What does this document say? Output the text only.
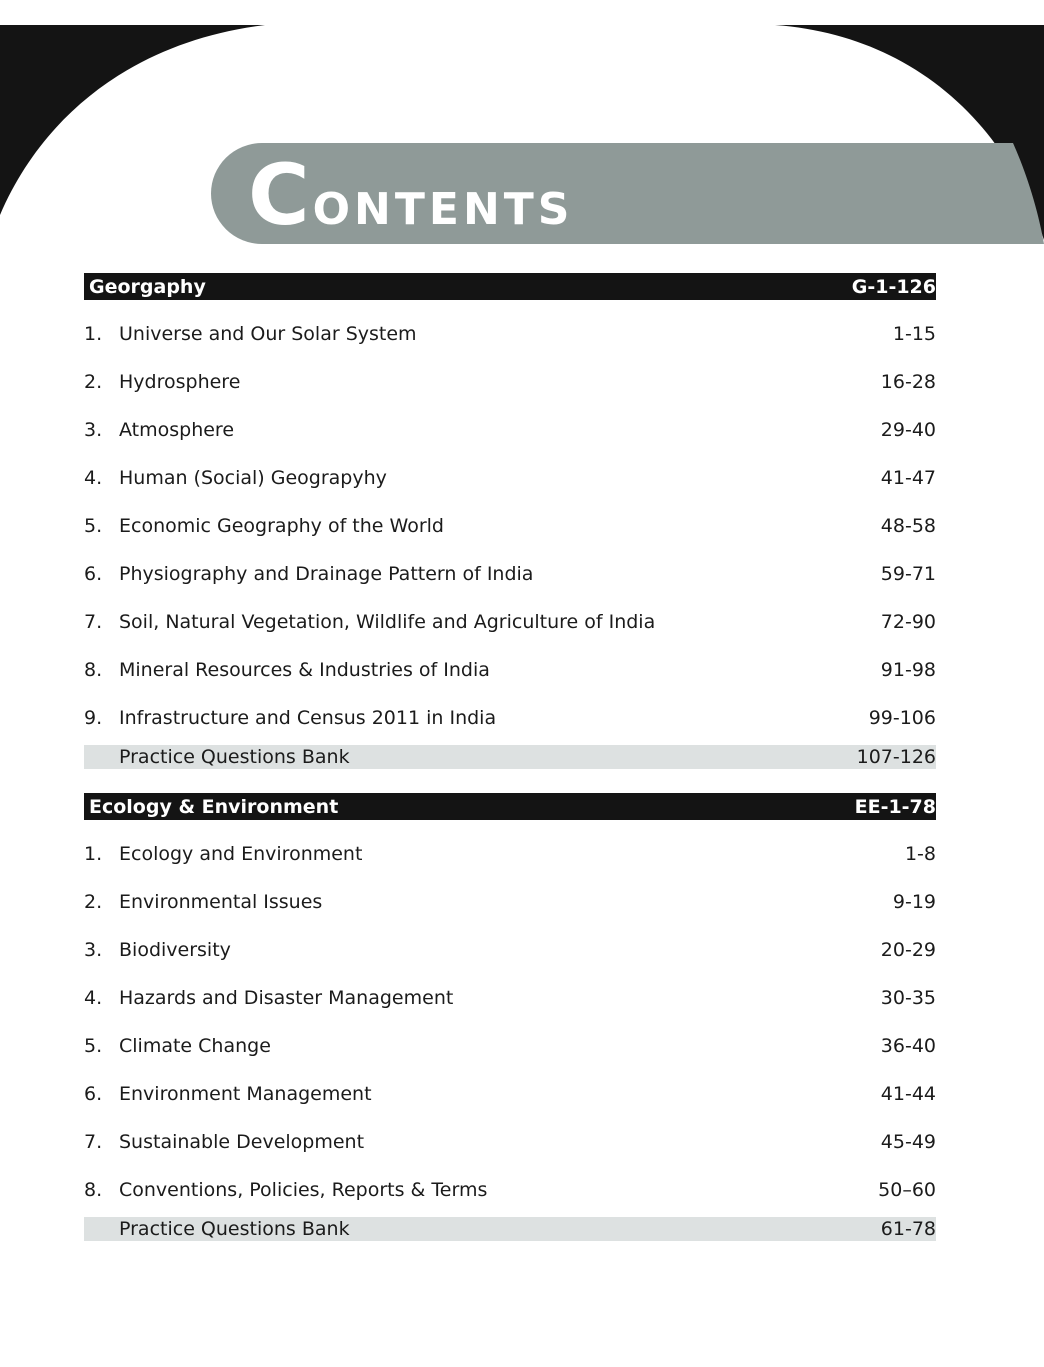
CONTENTS
Georgaphy	G-1-126
1. Universe and Our Solar System	1-15
2. Hydrosphere	16-28
3. Atmosphere	29-40
4. Human (Social) Geograpyhy	41-47
5. Economic Geography of the World	48-58
6. Physiography and Drainage Pattern of India	59-71
7. Soil, Natural Vegetation, Wildlife and Agriculture of India	72-90
8. Mineral Resources & Industries of India	91-98
9. Infrastructure and Census 2011 in India	99-106
Practice Questions Bank	107-126
Ecology & Environment	EE-1-78
1. Ecology and Environment	1-8
2. Environmental Issues	9-19
3. Biodiversity	20-29
4. Hazards and Disaster Management	30-35
5. Climate Change	36-40
6. Environment Management	41-44
7. Sustainable Development	45-49
8. Conventions, Policies, Reports & Terms	50–60
Practice Questions Bank	61-78
